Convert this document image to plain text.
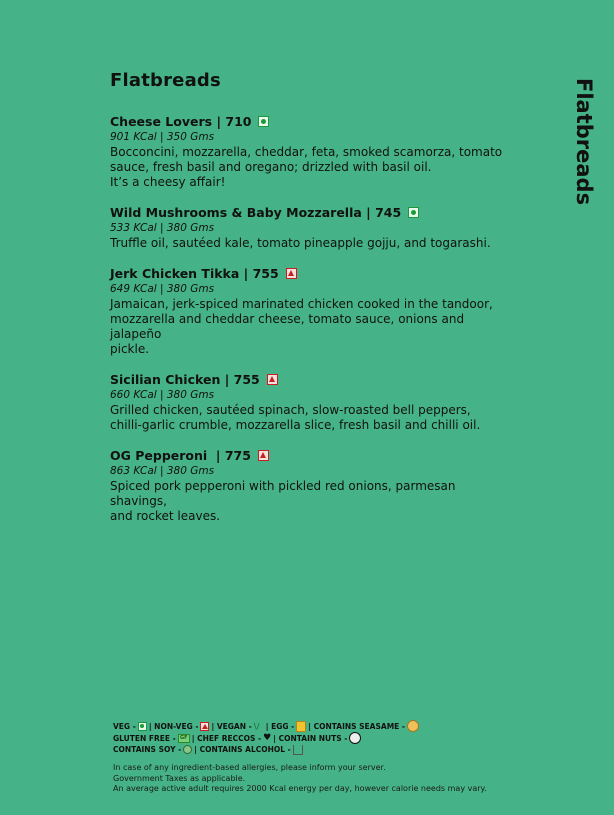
Flatbreads	Flatbreads
Cheese Lovers | 710
901 KCal | 350 Gms
Bocconcini, mozzarella, cheddar, feta, smoked scamorza, tomato
sauce, fresh basil and oregano; drizzled with basil oil.
It’s a cheesy affair!
Wild Mushrooms & Baby Mozzarella | 745
533 KCal | 380 Gms
Truffle oil, sautéed kale, tomato pineapple gojju, and togarashi.
Jerk Chicken Tikka | 755
649 KCal | 380 Gms
Jamaican, jerk-spiced marinated chicken cooked in the tandoor,
mozzarella and cheddar cheese, tomato sauce, onions and jalapeño
pickle.
Sicilian Chicken | 755
660 KCal | 380 Gms
Grilled chicken, sautéed spinach, slow-roasted bell peppers,
chilli-garlic crumble, mozzarella slice, fresh basil and chilli oil.
OG Pepperoni | 775
863 KCal | 380 Gms
Spiced pork pepperoni with pickled red onions, parmesan shavings,
and rocket leaves.
VEG - | NON-VEG - | VEGAN - \/ | EGG - | CONTAINS SEASAME -
GLUTEN FREE - GF | CHEF RECCOS - ♥ | CONTAIN NUTS -
CONTAINS SOY - | CONTAINS ALCOHOL -
In case of any ingredient-based allergies, please inform your server.
Government Taxes as applicable.
An average active adult requires 2000 Kcal energy per day, however calorie needs may vary.
